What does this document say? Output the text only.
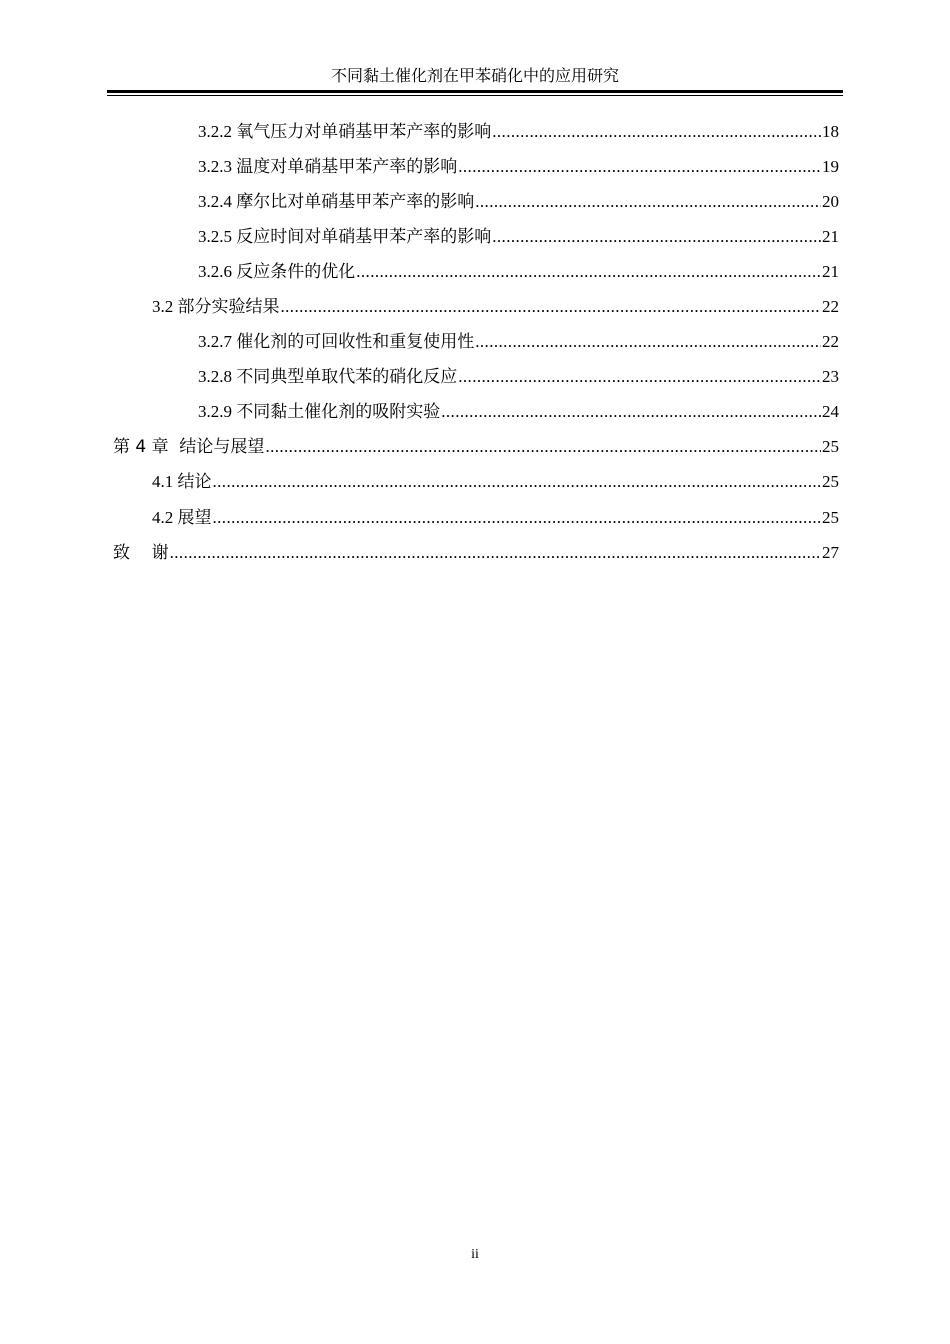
不同黏土催化剂在甲苯硝化中的应用研究
3.2.2 氧气压力对单硝基甲苯产率的影响 .....	18
3.2.3 温度对单硝基甲苯产率的影响 .....	19
3.2.4 摩尔比对单硝基甲苯产率的影响 .....	20
3.2.5 反应时间对单硝基甲苯产率的影响 .....	21
3.2.6 反应条件的优化 .....	21
3.2 部分实验结果 .....	22
3.2.7 催化剂的可回收性和重复使用性 .....	22
3.2.8 不同典型单取代苯的硝化反应 .....	23
3.2.9 不同黏土催化剂的吸附实验 .....	24
第 4 章  结论与展望 .....	25
4.1 结论 .....	25
4.2 展望 .....	25
致    谢 .....	27
ii
